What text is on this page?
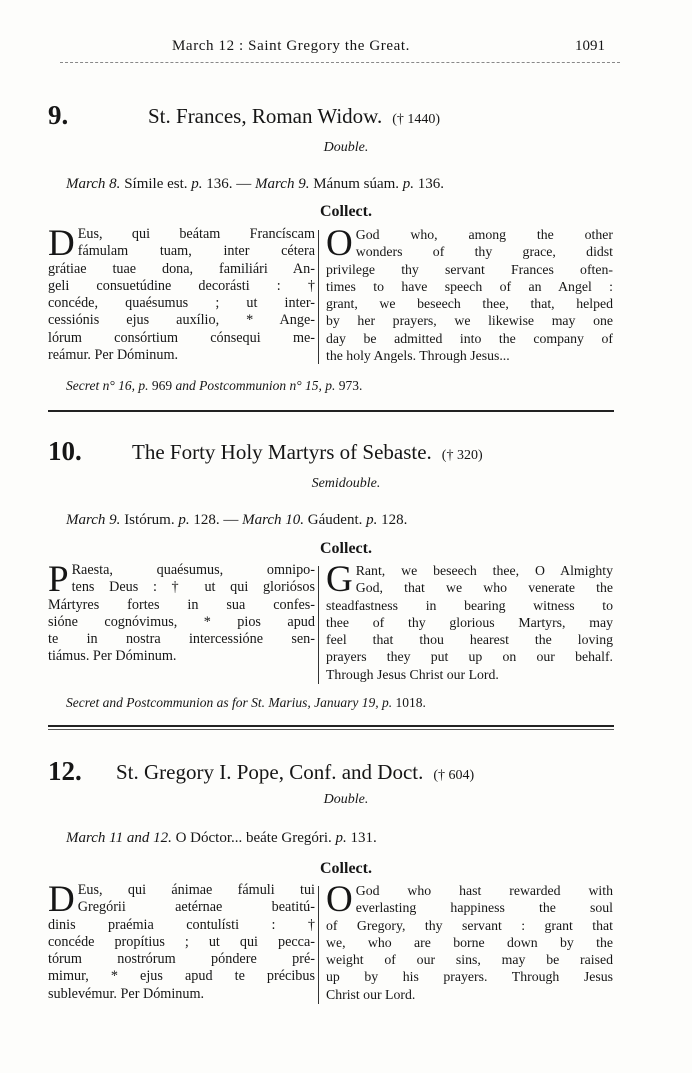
March 12 : Saint Gregory the Great.	1091
9.	St. Frances, Roman Widow. († 1440)
Double.
March 8. Símile est. p. 136. — March 9. Mánum súam. p. 136.
Collect.
D Eus, qui beátam Francíscam
fámulam tuam, inter cétera
grátiae tuae dona, familiári An-
geli consuetúdine decorásti : †
concéde, quaésumus ; ut inter-
cessiónis ejus auxílio, * Ange-
lórum consórtium cónsequi me-
reámur. Per Dóminum.
O God who, among the other
wonders of thy grace, didst
privilege thy servant Frances often-
times to have speech of an Angel :
grant, we beseech thee, that, helped
by her prayers, we likewise may one
day be admitted into the company of
the holy Angels. Through Jesus...
Secret n° 16, p. 969 and Postcommunion n° 15, p. 973.
10. The Forty Holy Martyrs of Sebaste. († 320)
Semidouble.
March 9. Istórum. p. 128. — March 10. Gáudent. p. 128.
Collect.
P Raesta, quaésumus, omnipo-
tens Deus : † ut qui gloriósos
Mártyres fortes in sua confes-
sióne cognóvimus, * pios apud
te in nostra intercessióne sen-
tiámus. Per Dóminum.
G Rant, we beseech thee, O Almighty
God, that we who venerate the
steadfastness in bearing witness to
thee of thy glorious Martyrs, may
feel that thou hearest the loving
prayers they put up on our behalf.
Through Jesus Christ our Lord.
Secret and Postcommunion as for St. Marius, January 19, p. 1018.
12. St. Gregory I. Pope, Conf. and Doct. († 604)
Double.
March 11 and 12. O Dóctor... beáte Gregóri. p. 131.
Collect.
D Eus, qui ánimae fámuli tui
Gregórii aetérnae beatitú-
dinis praémia contulísti : †
concéde propítius ; ut qui pecca-
tórum nostrórum póndere pré-
mimur, * ejus apud te précibus
sublevémur. Per Dóminum.
O God who hast rewarded with
everlasting happiness the soul
of Gregory, thy servant : grant that
we, who are borne down by the
weight of our sins, may be raised
up by his prayers. Through Jesus
Christ our Lord.
